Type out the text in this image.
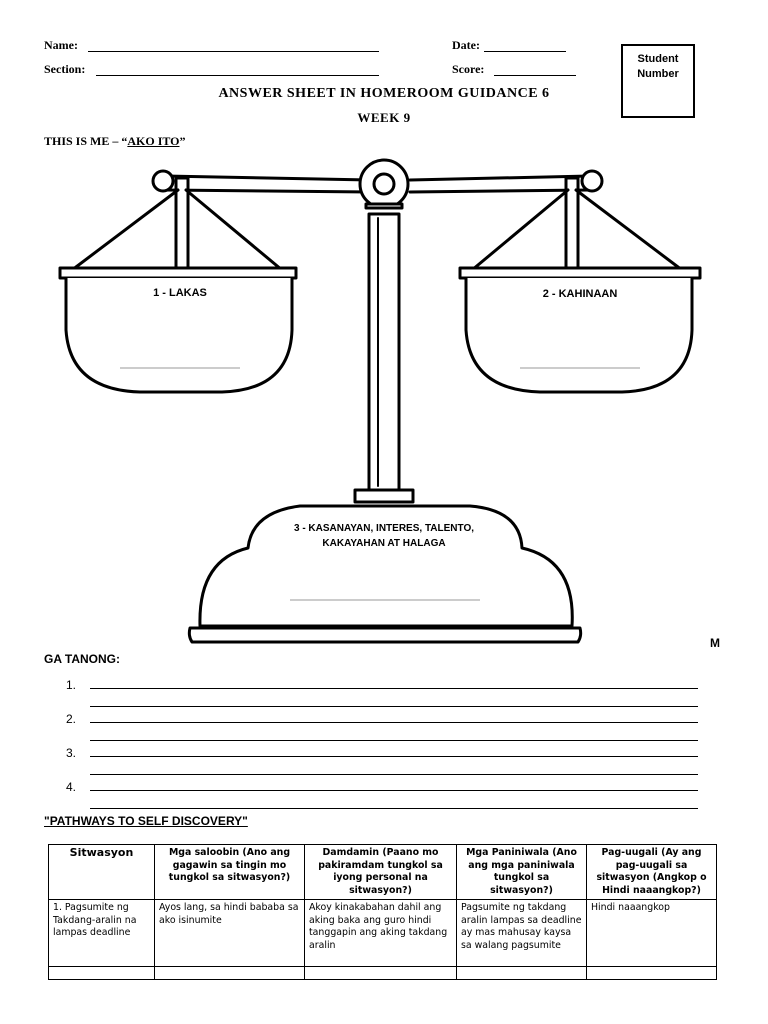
Name:
Section:
Date:
Score:
Student
Number
ANSWER SHEET IN HOMEROOM GUIDANCE 6
WEEK 9
THIS IS ME – “AKO ITO”
1 - LAKAS	2 - KAHINAAN
3 - KASANAYAN, INTERES, TALENTO,
KAKAYAHAN AT HALAGA
M
GA TANONG:
1.
2.
3.
4.
"PATHWAYS TO SELF DISCOVERY"
Sitwasyon	Mga saloobin (Ano ang gagawin sa tingin mo tungkol sa sitwasyon?)	Damdamin (Paano mo pakiramdam tungkol sa iyong personal na sitwasyon?)	Mga Paniniwala (Ano ang mga paniniwala tungkol sa sitwasyon?)	Pag-uugali (Ay ang pag-uugali sa sitwasyon (Angkop o Hindi naaangkop?)
1. Pagsumite ng Takdang-aralin na lampas deadline	Ayos lang, sa hindi bababa sa ako isinumite	Akoy kinakabahan dahil ang aking baka ang guro hindi tanggapin ang aking takdang aralin	Pagsumite ng takdang aralin lampas sa deadline ay mas mahusay kaysa sa walang pagsumite	Hindi naaangkop
